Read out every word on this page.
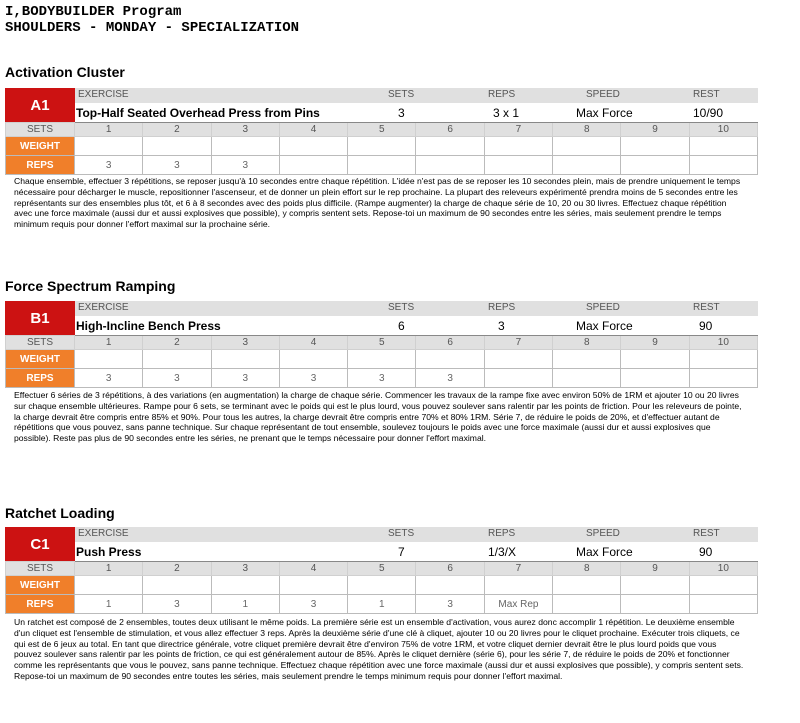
I,BODYBUILDER Program
SHOULDERS - MONDAY - SPECIALIZATION
Activation Cluster
A1
EXERCISE	SETS	REPS	SPEED	REST
Top-Half Seated Overhead Press from Pins	3	3 x 1	Max Force	10/90
SETS	1	2	3	4	5	6	7	8	9	10
WEIGHT										
REPS	3	3	3							
Chaque ensemble, effectuer 3 répétitions, se reposer jusqu'à 10 secondes entre chaque répétition. L'idée n'est pas de se reposer les 10 secondes plein, mais de prendre uniquement le temps nécessaire pour décharger le muscle, repositionner l'ascenseur, et de donner un plein effort sur le rep prochaine. La plupart des releveurs expérimenté prendra moins de 5 secondes entre les représentants sur des ensembles plus tôt, et 6 à 8 secondes avec des poids plus difficile. (Rampe augmenter) la charge de chaque série de 10, 20 ou 30 livres. Effectuez chaque répétition avec une force maximale (aussi dur et aussi explosives que possible), y compris sentent sets. Repose-toi un maximum de 90 secondes entre les séries, mais seulement prendre le temps minimum requis pour donner l'effort maximal sur la prochaine série.
Force Spectrum Ramping
B1
EXERCISE	SETS	REPS	SPEED	REST
High-Incline Bench Press	6	3	Max Force	90
SETS	1	2	3	4	5	6	7	8	9	10
WEIGHT										
REPS	3	3	3	3	3	3				
Effectuer 6 séries de 3 répétitions, à des variations (en augmentation) la charge de chaque série. Commencer les travaux de la rampe fixe avec environ 50% de 1RM et ajouter 10 ou 20 livres sur chaque ensemble ultérieures. Rampe pour 6 sets, se terminant avec le poids qui est le plus lourd, vous pouvez soulever sans ralentir par les points de friction. Pour les releveurs de pointe, la charge devrait être compris entre 85% et 90%. Pour tous les autres, la charge devrait être compris entre 70% et 80% 1RM. Série 7, de réduire le poids de 20%, et d'effectuer autant de répétitions que vous pouvez, sans panne technique. Sur chaque représentant de tout ensemble, soulevez toujours le poids avec une force maximale (aussi dur et aussi explosives que possible). Reste pas plus de 90 secondes entre les séries, ne prenant que le temps nécessaire pour donner l'effort maximal.
Ratchet Loading
C1
EXERCISE	SETS	REPS	SPEED	REST
Push Press	7	1/3/X	Max Force	90
SETS	1	2	3	4	5	6	7	8	9	10
WEIGHT										
REPS	1	3	1	3	1	3	Max Rep			
Un ratchet est composé de 2 ensembles, toutes deux utilisant le même poids. La première série est un ensemble d'activation, vous aurez donc accomplir 1 répétition. Le deuxième ensemble d'un cliquet est l'ensemble de stimulation, et vous allez effectuer 3 reps. Après la deuxième série d'une clé à cliquet, ajouter 10 ou 20 livres pour le cliquet prochaine. Exécuter trois cliquets, ce qui est de 6 jeux au total. En tant que directrice générale, votre cliquet première devrait être d'environ 75% de votre 1RM, et votre cliquet dernier devrait être le plus lourd poids que vous pouvez soulever sans ralentir par les points de friction, ce qui est généralement autour de 85%. Après le cliquet dernière (série 6), pour les série 7, de réduire le poids de 20% et fonctionner comme les représentants que vous le pouvez, sans panne technique. Effectuez chaque répétition avec une force maximale (aussi dur et aussi explosives que possible), y compris sentent sets. Repose-toi un maximum de 90 secondes entre toutes les séries, mais seulement prendre le temps minimum requis pour donner l'effort maximal.
